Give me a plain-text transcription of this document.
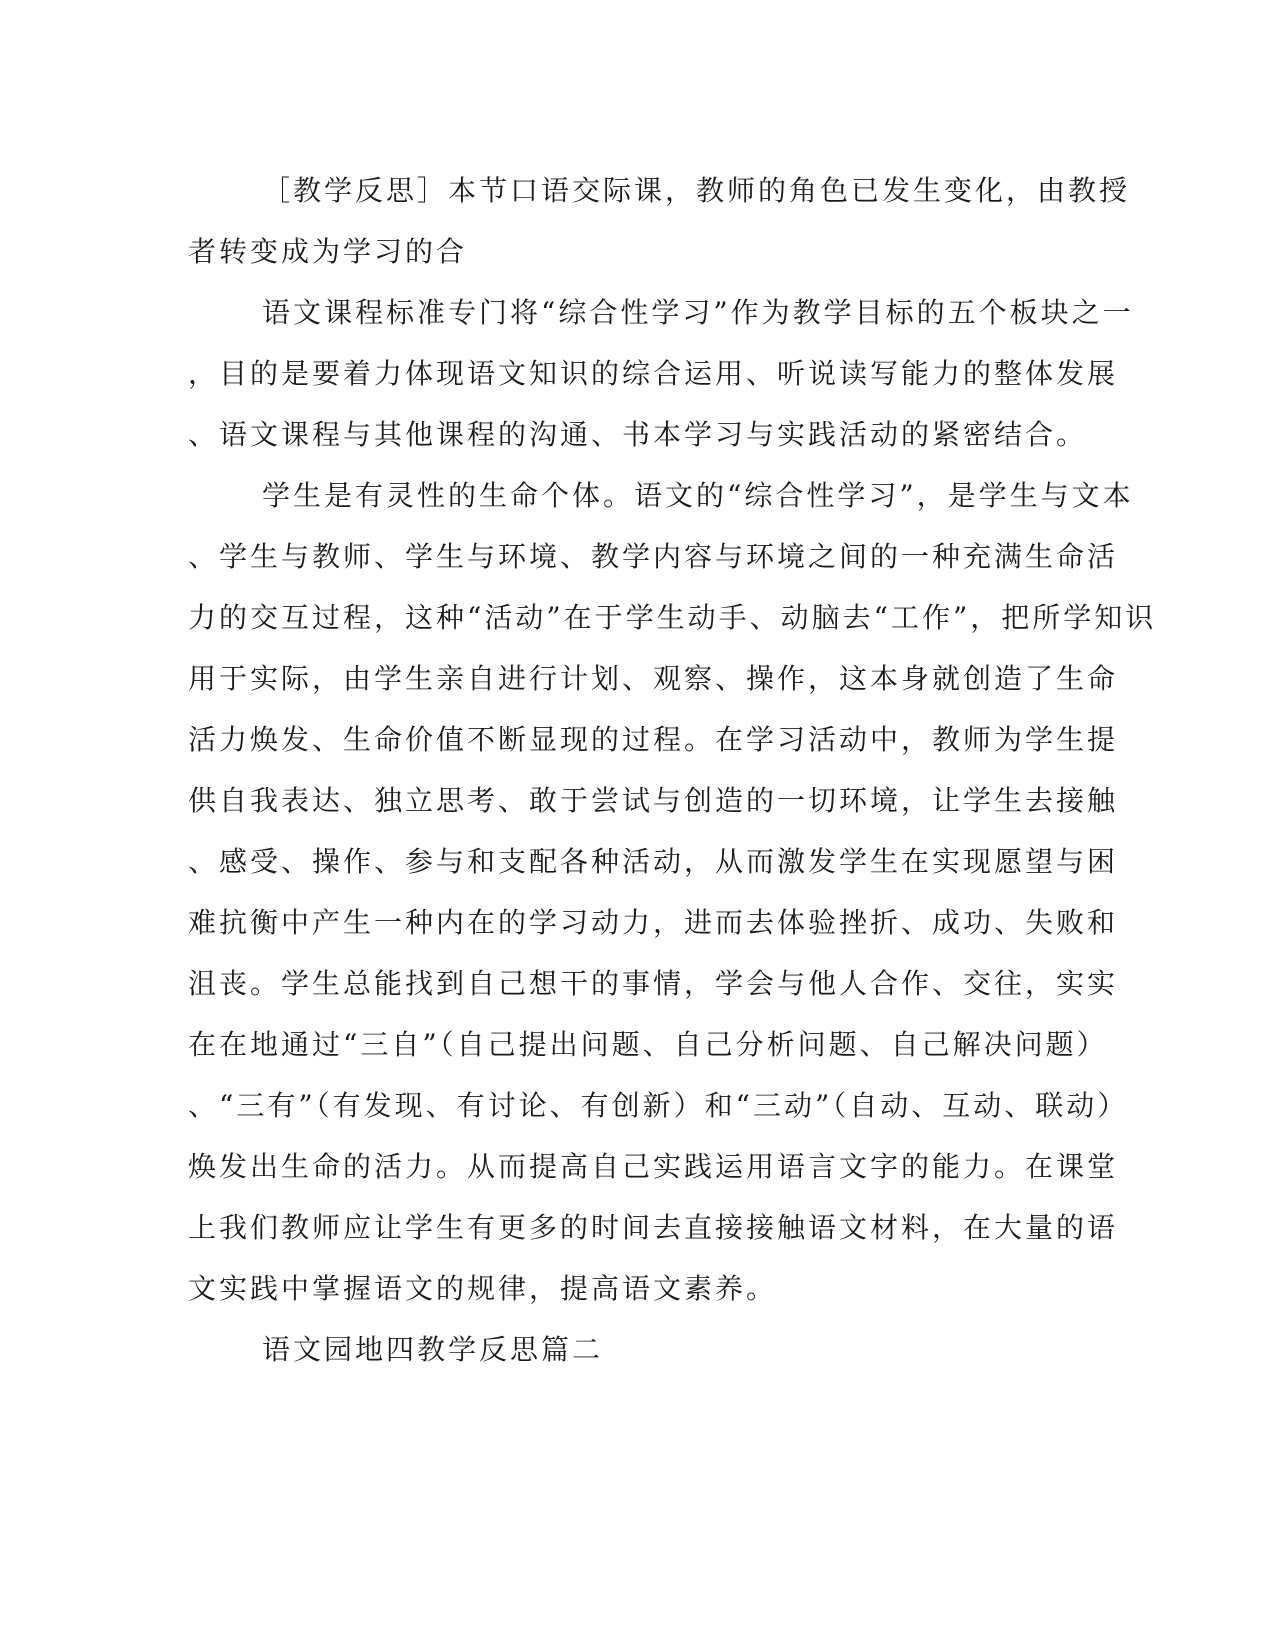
［教学反思］本节口语交际课，教师的角色已发生变化，由教授
者转变成为学习的合
语文课程标准专门将“综合性学习”作为教学目标的五个板块之一
，目的是要着力体现语文知识的综合运用、听说读写能力的整体发展
、语文课程与其他课程的沟通、书本学习与实践活动的紧密结合。
学生是有灵性的生命个体。语文的“综合性学习”，是学生与文本
、学生与教师、学生与环境、教学内容与环境之间的一种充满生命活
力的交互过程，这种“活动”在于学生动手、动脑去“工作”，把所学知识
用于实际，由学生亲自进行计划、观察、操作，这本身就创造了生命
活力焕发、生命价值不断显现的过程。在学习活动中，教师为学生提
供自我表达、独立思考、敢于尝试与创造的一切环境，让学生去接触
、感受、操作、参与和支配各种活动，从而激发学生在实现愿望与困
难抗衡中产生一种内在的学习动力，进而去体验挫折、成功、失败和
沮丧。学生总能找到自己想干的事情，学会与他人合作、交往，实实
在在地通过“三自”（自己提出问题、自己分析问题、自己解决问题）
、“三有”（有发现、有讨论、有创新）和“三动”（自动、互动、联动）
焕发出生命的活力。从而提高自己实践运用语言文字的能力。在课堂
上我们教师应让学生有更多的时间去直接接触语文材料，在大量的语
文实践中掌握语文的规律，提高语文素养。
语文园地四教学反思篇二
